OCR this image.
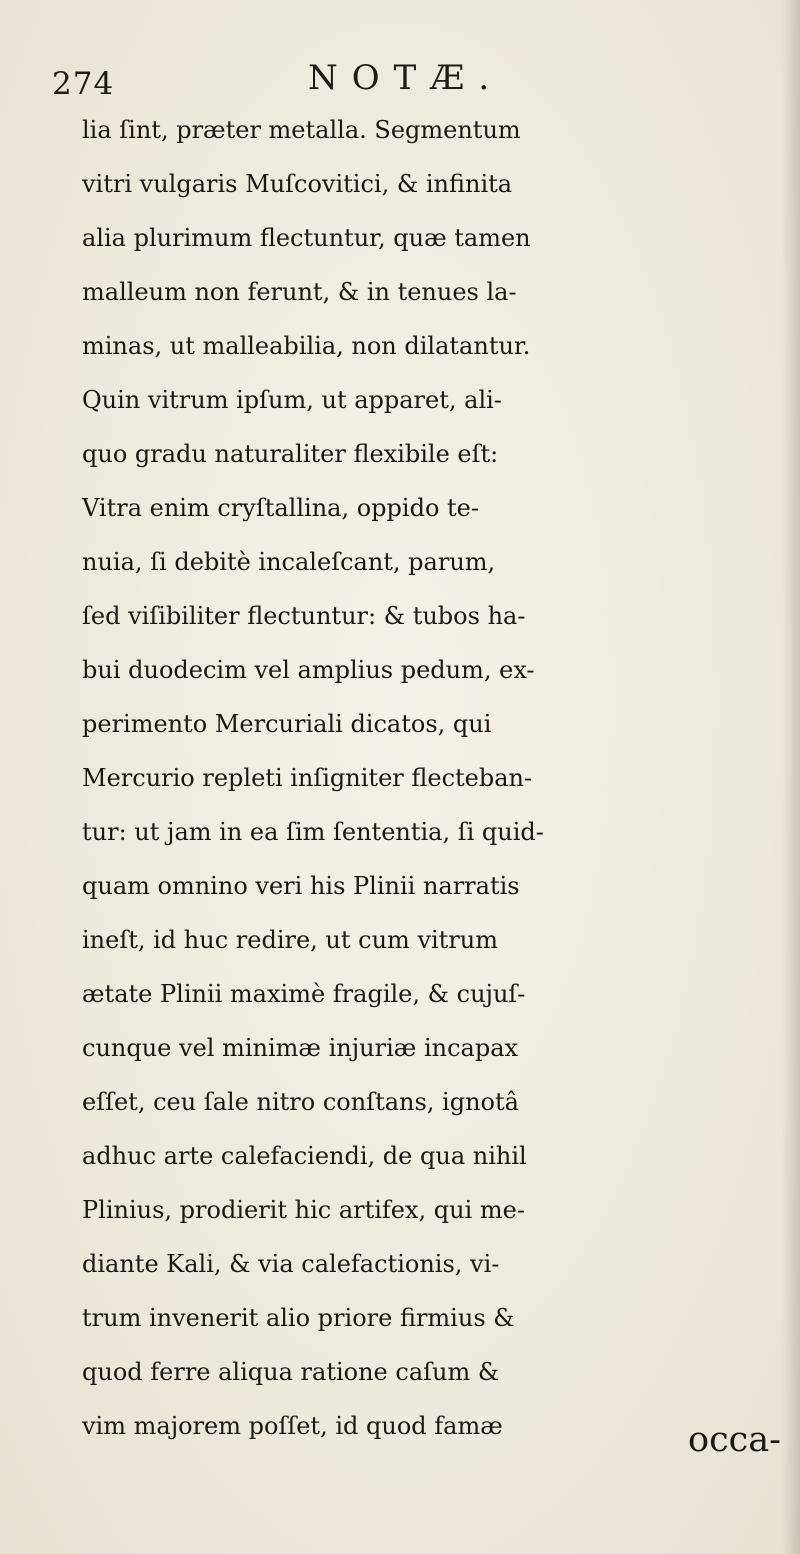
274	NOTÆ.
lia ſint, præter metalla. Segmentum
vitri vulgaris Muſcovitici, & infinita
alia plurimum flectuntur, quæ tamen
malleum non ferunt, & in tenues la-
minas, ut malleabilia, non dilatantur.
Quin vitrum ipſum, ut apparet, ali-
quo gradu naturaliter flexibile eſt:
Vitra enim cryſtallina, oppido te-
nuia, ſi debitè incaleſcant, parum,
ſed viſibiliter flectuntur: & tubos ha-
bui duodecim vel amplius pedum, ex-
perimento Mercuriali dicatos, qui
Mercurio repleti inſigniter flecteban-
tur: ut jam in ea ſim ſententia, ſi quid-
quam omnino veri his Plinii narratis
ineſt, id huc redire, ut cum vitrum
ætate Plinii maximè fragile, & cujuſ-
cunque vel minimæ injuriæ incapax
eſſet, ceu ſale nitro conſtans, ignotâ
adhuc arte calefaciendi, de qua nihil
Plinius, prodierit hic artifex, qui me-
diante Kali, & via calefactionis, vi-
trum invenerit alio priore firmius &
quod ferre aliqua ratione caſum &
vim majorem poſſet, id quod famæ	occa-
